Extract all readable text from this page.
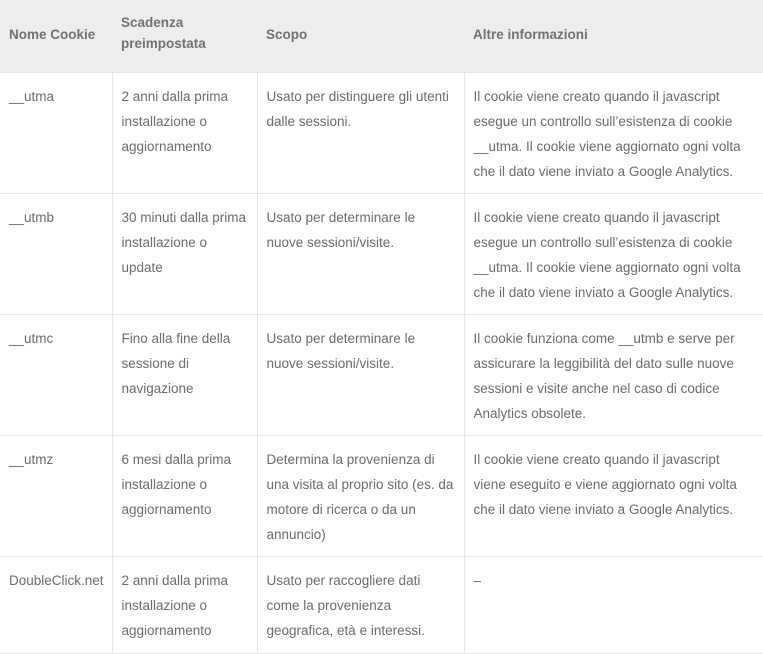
Nome Cookie	Scadenza preimpostata	Scopo	Altre informazioni
__utma	2 anni dalla prima installazione o aggiornamento	Usato per distinguere gli utenti dalle sessioni.	Il cookie viene creato quando il javascript esegue un controllo sull’esistenza di cookie __utma. Il cookie viene aggiornato ogni volta che il dato viene inviato a Google Analytics.
__utmb	30 minuti dalla prima installazione o update	Usato per determinare le nuove sessioni/visite.	Il cookie viene creato quando il javascript esegue un controllo sull’esistenza di cookie __utma. Il cookie viene aggiornato ogni volta che il dato viene inviato a Google Analytics.
__utmc	Fino alla fine della sessione di navigazione	Usato per determinare le nuove sessioni/visite.	Il cookie funziona come __utmb e serve per assicurare la leggibilità del dato sulle nuove sessioni e visite anche nel caso di codice Analytics obsolete.
__utmz	6 mesi dalla prima installazione o aggiornamento	Determina la provenienza di una visita al proprio sito (es. da motore di ricerca o da un annuncio)	Il cookie viene creato quando il javascript viene eseguito e viene aggiornato ogni volta che il dato viene inviato a Google Analytics.
DoubleClick.net	2 anni dalla prima installazione o aggiornamento	Usato per raccogliere dati come la provenienza geografica, età e interessi.	–
